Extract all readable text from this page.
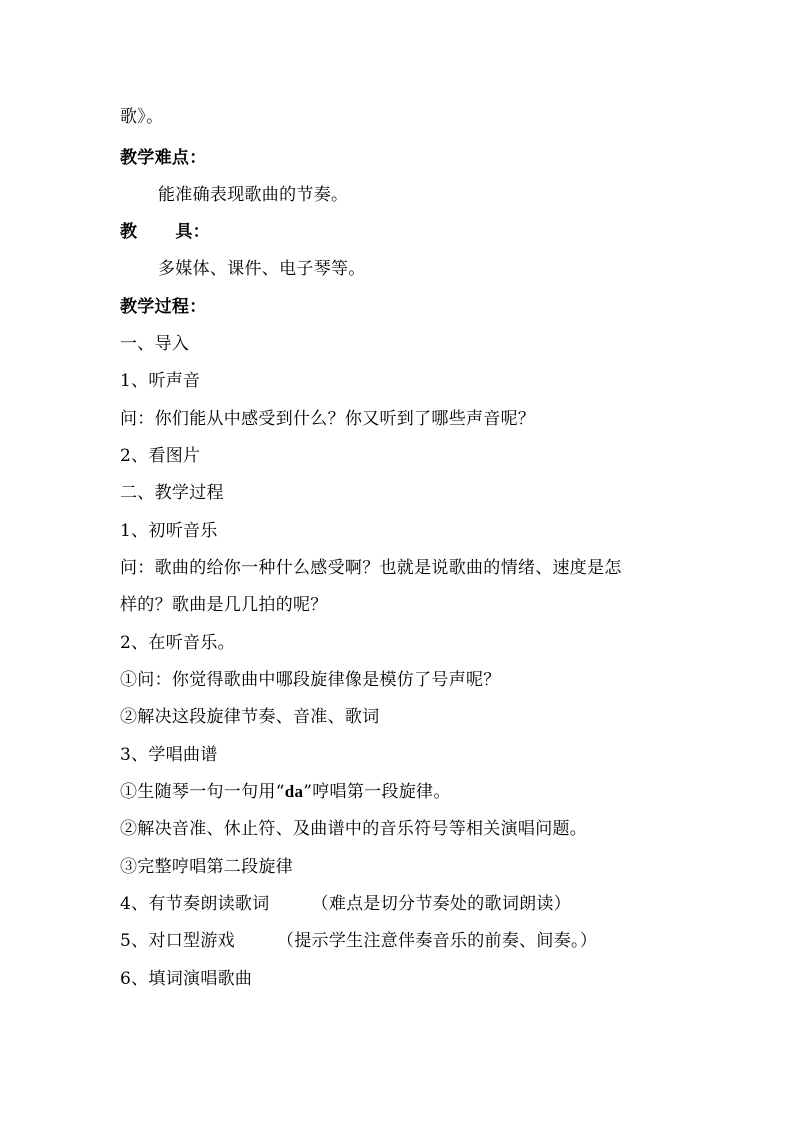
歌》。
教学难点：
能准确表现歌曲的节奏。
教 具：
多媒体、课件、电子琴等。
教学过程：
一、导入
1、听声音
问：你们能从中感受到什么？你又听到了哪些声音呢？
2、看图片
二、教学过程
1、初听音乐
问：歌曲的给你一种什么感受啊？也就是说歌曲的情绪、速度是怎
样的？歌曲是几几拍的呢？
2、在听音乐。
①问：你觉得歌曲中哪段旋律像是模仿了号声呢？
②解决这段旋律节奏、音准、歌词
3、学唱曲谱
①生随琴一句一句用“da”哼唱第一段旋律。
②解决音准、休止符、及曲谱中的音乐符号等相关演唱问题。
③完整哼唱第二段旋律
4、有节奏朗读歌词 （难点是切分节奏处的歌词朗读）
5、对口型游戏 （提示学生注意伴奏音乐的前奏、间奏。）
6、填词演唱歌曲
